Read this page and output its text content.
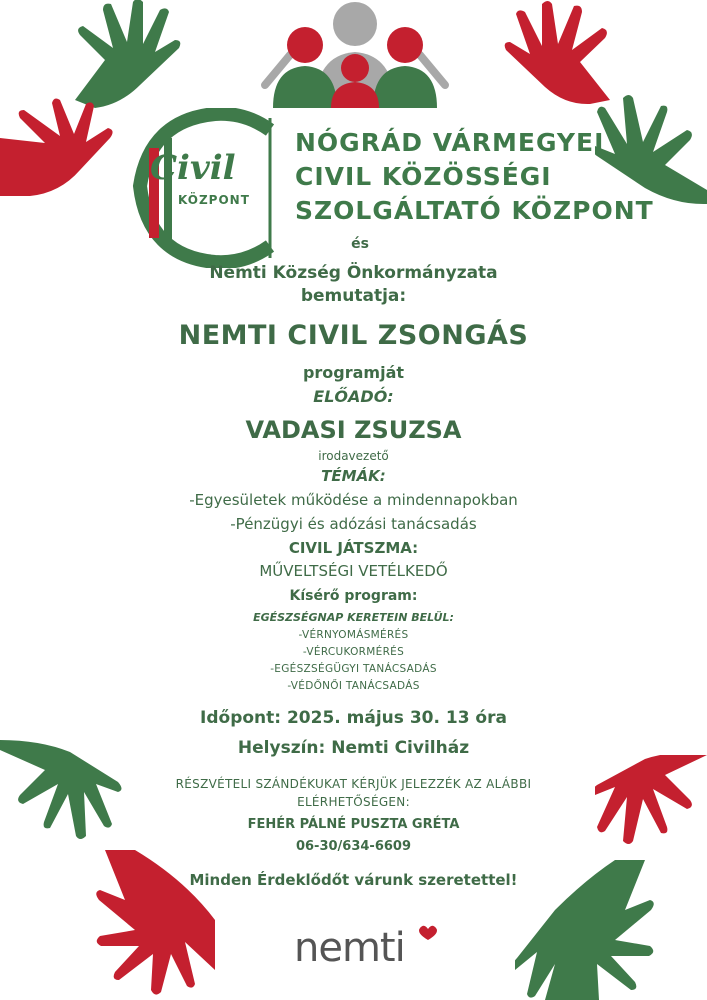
Civil
KÖZPONT
NÓGRÁD VÁRMEGYEI
CIVIL KÖZÖSSÉGI
SZOLGÁLTATÓ KÖZPONT
és
Nemti Község Önkormányzata
bemutatja:
NEMTI CIVIL ZSONGÁS
programját
ELŐADÓ:
VADASI ZSUZSA
irodavezető
TÉMÁK:
-Egyesületek működése a mindennapokban
-Pénzügyi és adózási tanácsadás
CIVIL JÁTSZMA:
MŰVELTSÉGI VETÉLKEDŐ
Kísérő program:
EGÉSZSÉGNAP KERETEIN BELÜL:
-VÉRNYOMÁSMÉRÉS
-VÉRCUKORMÉRÉS
-EGÉSZSÉGÜGYI TANÁCSADÁS
-VÉDŐNŐI TANÁCSADÁS
Időpont: 2025. május 30. 13 óra
Helyszín: Nemti Civilház
RÉSZVÉTELI SZÁNDÉKUKAT KÉRJÜK JELEZZÉK AZ ALÁBBI
ELÉRHETŐSÉGEN:
FEHÉR PÁLNÉ PUSZTA GRÉTA
06-30/634-6609
Minden Érdeklődőt várunk szeretettel!
nemti
